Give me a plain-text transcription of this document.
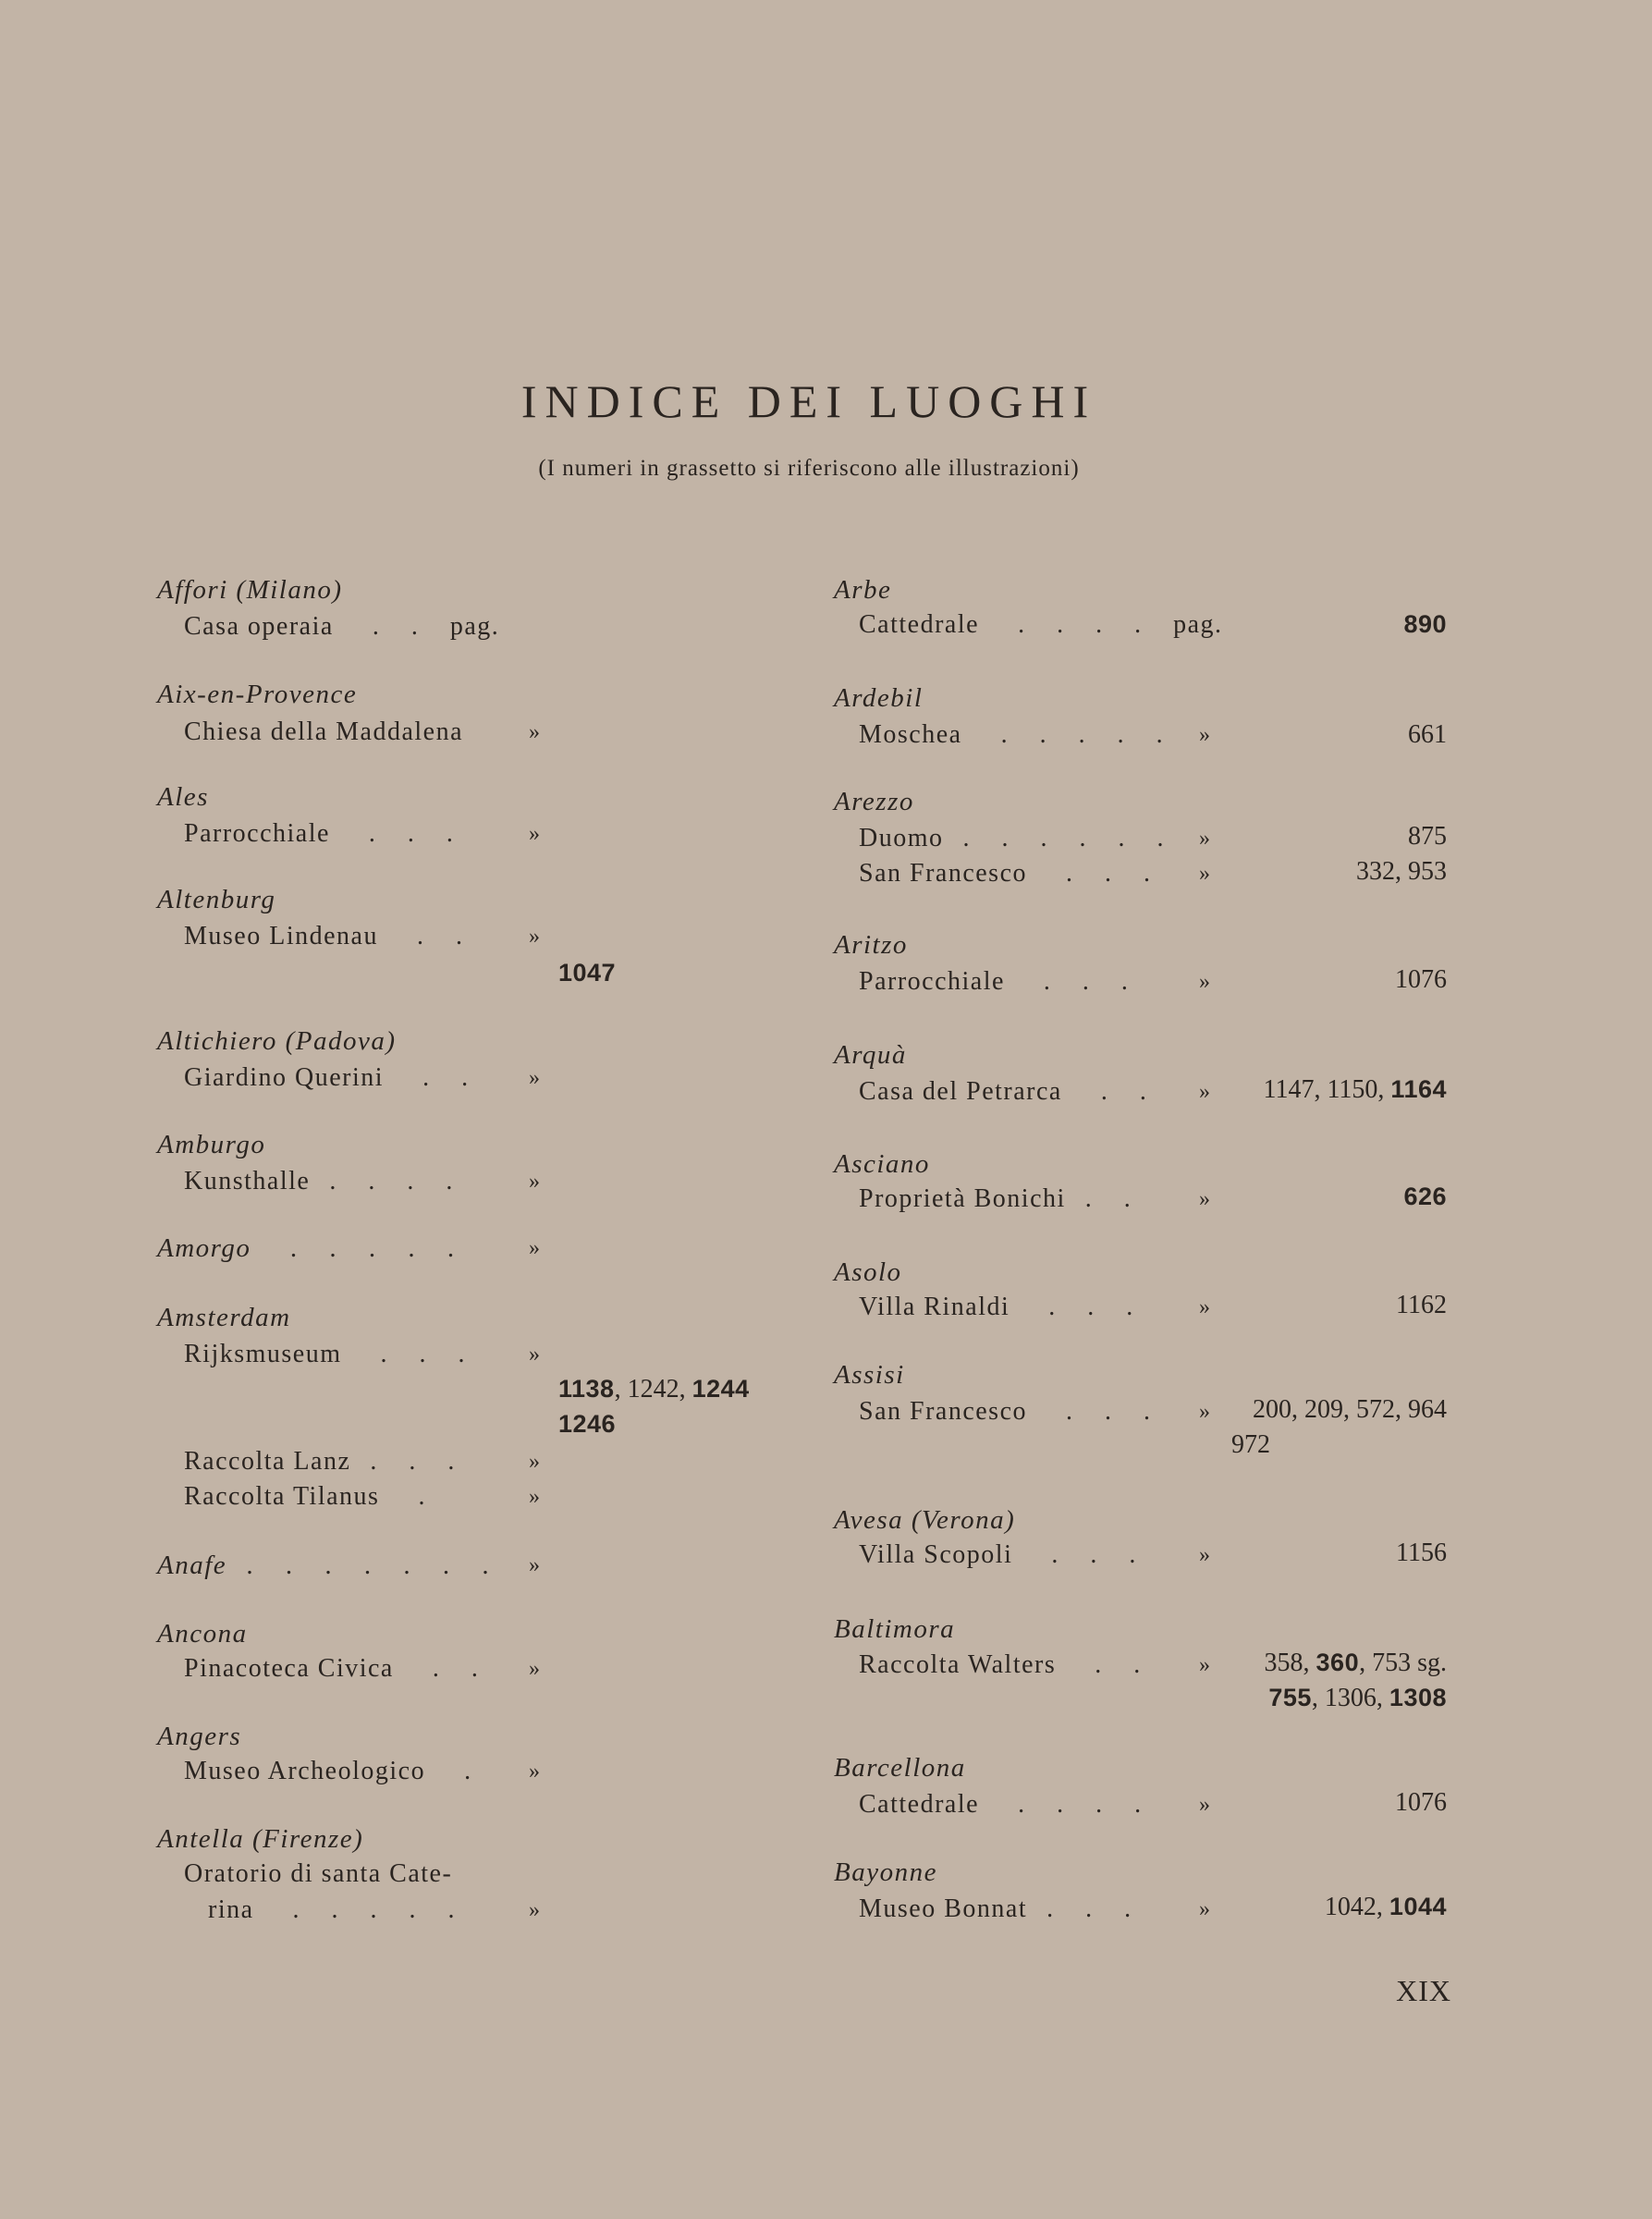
INDICE DEI LUOGHI
(I numeri in grassetto si riferiscono alle illustrazioni)
Affori (Milano)
Casa operaia  . . pag.
Aix-en-Provence
Chiesa della Maddalena	»
Ales
Parrocchiale  . . .	»
Altenburg
Museo Lindenau  . . »
1047
Altichiero (Padova)
Giardino Querini  . . »
Amburgo
Kunsthalle . . . .	»
Amorgo  . . . . .	»
Amsterdam
Rijksmuseum  . . . »
1138, 1242, 1244
1246
Raccolta Lanz . . .	»
Raccolta Tilanus  .	»
Anafe . . . . . . . »
Ancona
Pinacoteca Civica  . . »
Angers
Museo Archeologico  . »
Antella (Firenze)
Oratorio di santa Cate-
rina  . . . . .	»
Arbe
Cattedrale  . . . . pag.	890
Ardebil
Moschea  . . . . . »	661
Arezzo
Duomo . . . . . . »	875
San Francesco  . . . »	332, 953
Aritzo
Parrocchiale  . . .	»	1076
Arquà
Casa del Petrarca  . . » 1147, 1150, 1164
Asciano
Proprietà Bonichi . .	»	626
Asolo
Villa Rinaldi  . . . »	1162
Assisi
San Francesco  . . . » 200, 209, 572, 964
972
Avesa (Verona)
Villa Scopoli  . . . »	1156
Baltimora
Raccolta Walters  . . » 358, 360, 753 sg.
755, 1306, 1308
Barcellona
Cattedrale  . . . . »	1076
Bayonne
Museo Bonnat . . . »	1042, 1044
XIX
